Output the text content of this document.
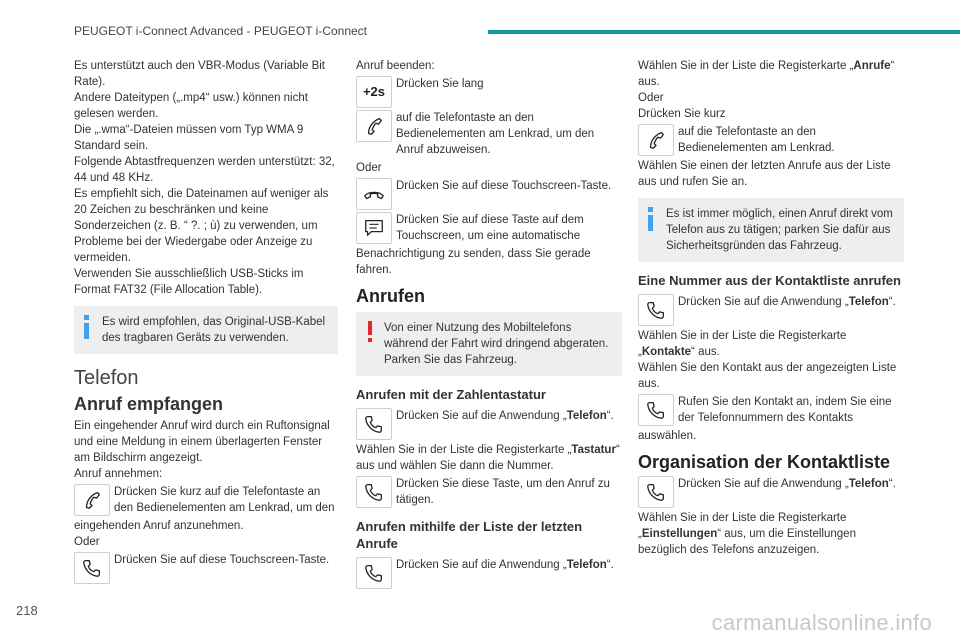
PEUGEOT i-Connect Advanced - PEUGEOT i-Connect

Es unterstützt auch den VBR-Modus (Variable Bit Rate).

Andere Dateitypen („.mp4“ usw.) können nicht gelesen werden.

Die „.wma“-Dateien müssen vom Typ WMA 9 Standard sein.

Folgende Abtastfrequenzen werden unterstützt: 32, 44 und 48 KHz.

Es empfiehlt sich, die Dateinamen auf weniger als 20 Zeichen zu beschränken und keine Sonderzeichen (z. B. “ ?. ; ù) zu verwenden, um Probleme bei der Wiedergabe oder Anzeige zu vermeiden.

Verwenden Sie ausschließlich USB-Sticks im Format FAT32 (File Allocation Table).

Es wird empfohlen, das Original-USB-Kabel des tragbaren Geräts zu verwenden.
Telefon
Anruf empfangen

Ein eingehender Anruf wird durch ein Ruftonsignal und eine Meldung in einem überlagerten Fenster am Bildschirm angezeigt.

Anruf annehmen:

Drücken Sie kurz auf die Telefontaste an den Bedienelementen am Lenkrad, um den

eingehenden Anruf anzunehmen.

Oder

Drücken Sie auf diese Touchscreen-Taste.

Anruf beenden:

+2s Drücken Sie lang
auf die Telefontaste an den Bedienelementen am Lenkrad, um den Anruf abzuweisen.

Oder

Drücken Sie auf diese Touchscreen-Taste.
Drücken Sie auf diese Taste auf dem Touchscreen, um eine automatische

Benachrichtigung zu senden, dass Sie gerade fahren.

Anrufen
Von einer Nutzung des Mobiltelefons während der Fahrt wird dringend abgeraten. Parken Sie das Fahrzeug.
Anrufen mit der Zahlentastatur
Drücken Sie auf die Anwendung „Telefon“.

Wählen Sie in der Liste die Registerkarte „Tastatur“ aus und wählen Sie dann die Nummer.

Drücken Sie diese Taste, um den Anruf zu tätigen.
Anrufen mithilfe der Liste der letzten Anrufe
Drücken Sie auf die Anwendung „Telefon“.

Wählen Sie in der Liste die Registerkarte „Anrufe“ aus.

Oder

Drücken Sie kurz

auf die Telefontaste an den Bedienelementen am Lenkrad.

Wählen Sie einen der letzten Anrufe aus der Liste aus und rufen Sie an.

Es ist immer möglich, einen Anruf direkt vom Telefon aus zu tätigen; parken Sie dafür aus Sicherheitsgründen das Fahrzeug.
Eine Nummer aus der Kontaktliste anrufen
Drücken Sie auf die Anwendung „Telefon“.

Wählen Sie in der Liste die Registerkarte „Kontakte“ aus.

Wählen Sie den Kontakt aus der angezeigten Liste aus.

Rufen Sie den Kontakt an, indem Sie eine der Telefonnummern des Kontakts

auswählen.

Organisation der Kontaktliste
Drücken Sie auf die Anwendung „Telefon“.

Wählen Sie in der Liste die Registerkarte „Einstellungen“ aus, um die Einstellungen bezüglich des Telefons anzuzeigen.

218	carmanualsonline.info
